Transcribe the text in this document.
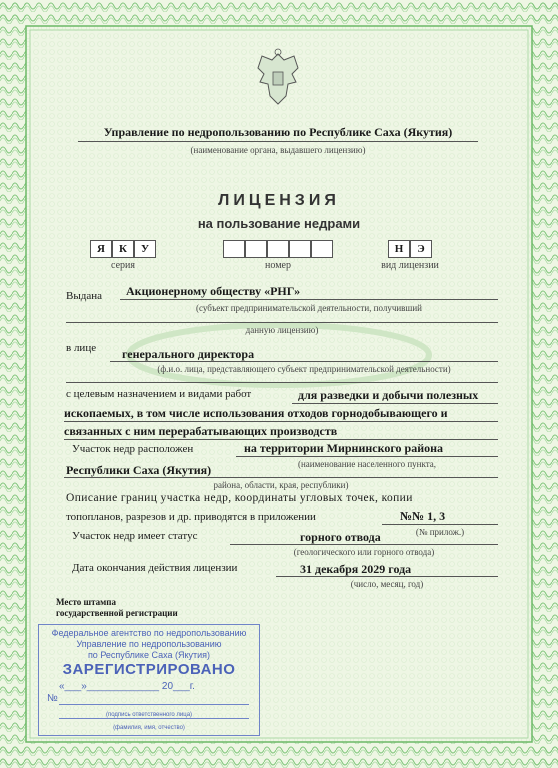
Управление по недропользованию по Республике Саха (Якутия)
(наименование органа, выдавшего лицензию)
ЛИЦЕНЗИЯ
на пользование недрами
Я	К	У
серия	номер
Н	Э
вид лицензии
Выдана Акционерному обществу «РНГ»
(субъект предпринимательской деятельности, получивший
данную лицензию)
в лице генерального директора
(ф.и.о. лица, представляющего субъект предпринимательской деятельности)
с целевым назначением и видами работ	для разведки и добычи полезных
ископаемых, в том числе использования отходов горнодобывающего и
связанных с ним перерабатывающих производств
Участок недр расположен	на территории Мирнинского района
(наименование населенного пункта,
Республики Саха (Якутия)
района, области, края, республики)
Описание границ участка недр, координаты угловых точек, копии
топопланов, разрезов и др. приводятся в приложении	№№ 1, 3
(№ прилож.)
Участок недр имеет статус	горного отвода
(геологического или горного отвода)
Дата окончания действия лицензии	31 декабря 2029 года
(число, месяц, год)
Место штампа
государственной регистрации
Федеральное агентство по недропользованию
Управление по недропользованию
по Республике Саха (Якутия)
ЗАРЕГИСТРИРОВАНО
«___»_____________ 20___г.
№
(подпись ответственного лица)
(фамилия, имя, отчество)
